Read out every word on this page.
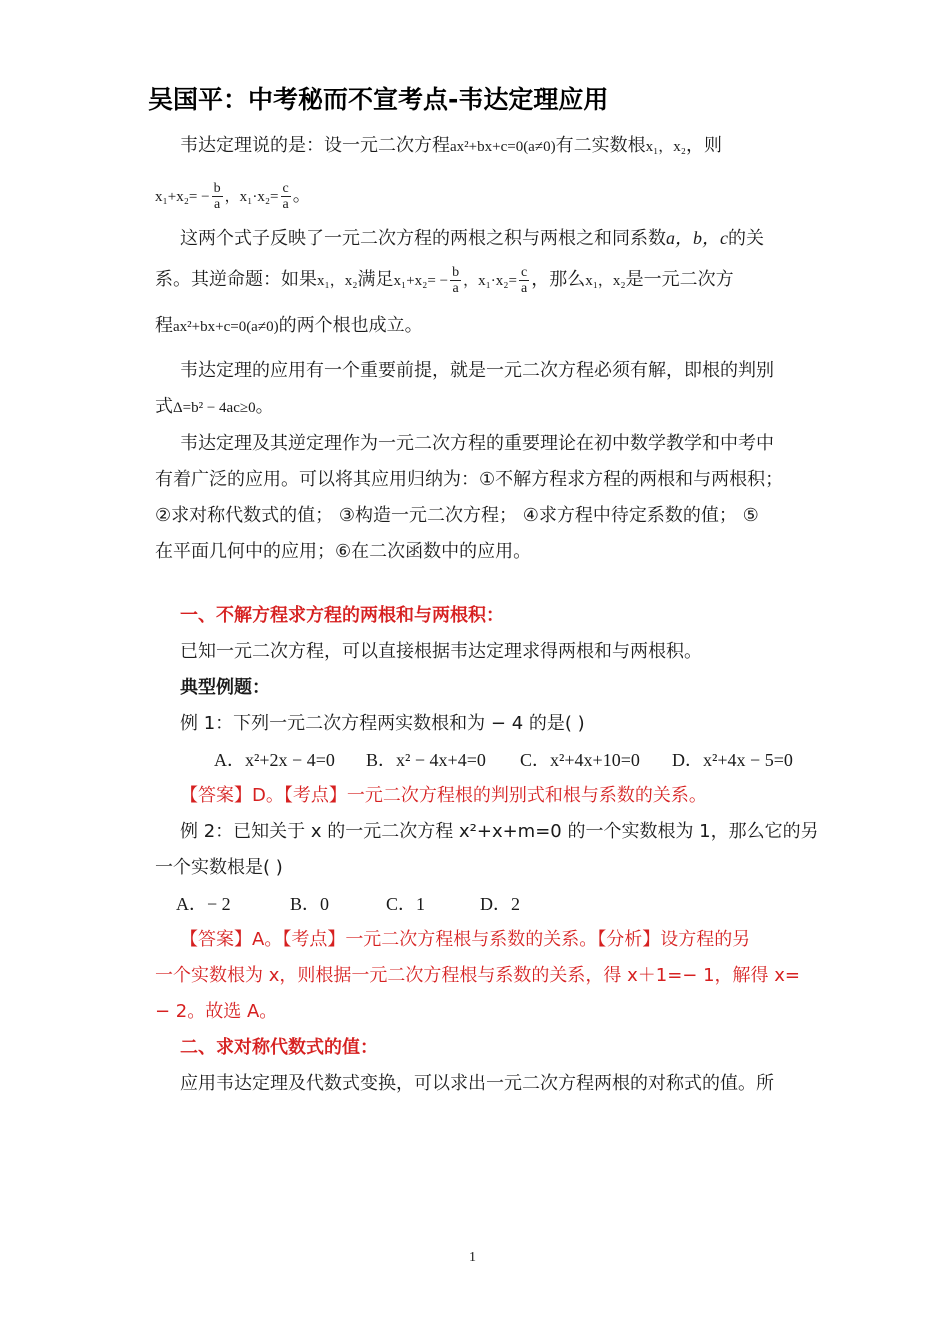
吴国平：中考秘而不宣考点-韦达定理应用
韦达定理说的是：设一元二次方程ax²+bx+c=0(a≠0)有二实数根x₁，x₂，则
$x_1+x_2= - \frac{b}{a}$ ，$x_1\cdot x_2= \frac{c}{a}$ 。
这两个式子反映了一元二次方程的两根之积与两根之和同系数a，b，c的关
系。其逆命题：如果x₁，x₂满足$x_1+x_2= - \frac{b}{a}$ ，$x_1\cdot x_2= \frac{c}{a}$ ，那么x₁，x₂是一元二次方
程ax²+bx+c=0(a≠0)的两个根也成立。
韦达定理的应用有一个重要前提，就是一元二次方程必须有解，即根的判别
式Δ=b² − 4ac≥0。
韦达定理及其逆定理作为一元二次方程的重要理论在初中数学教学和中考中
有着广泛的应用。可以将其应用归纳为：①不解方程求方程的两根和与两根积；
②求对称代数式的值； ③构造一元二次方程； ④求方程中待定系数的值； ⑤
在平面几何中的应用；⑥在二次函数中的应用。
一、不解方程求方程的两根和与两根积：
已知一元二次方程，可以直接根据韦达定理求得两根和与两根积。
典型例题：
例 1：下列一元二次方程两实数根和为 − 4 的是( )
A．x²+2x − 4=0 B．x² − 4x+4=0 C．x²+4x+10=0 D．x²+4x − 5=0
【答案】D。【考点】一元二次方程根的判别式和根与系数的关系。
例 2：已知关于 x 的一元二次方程 x²+x+m=0 的一个实数根为 1，那么它的另
一个实数根是( )
A．− 2	B．0	C．1	D．2
【答案】A。【考点】一元二次方程根与系数的关系。【分析】设方程的另
一个实数根为 x，则根据一元二次方程根与系数的关系，得 x＋1=− 1，解得 x=
− 2。故选 A。
二、求对称代数式的值：
应用韦达定理及代数式变换，可以求出一元二次方程两根的对称式的值。所
1
